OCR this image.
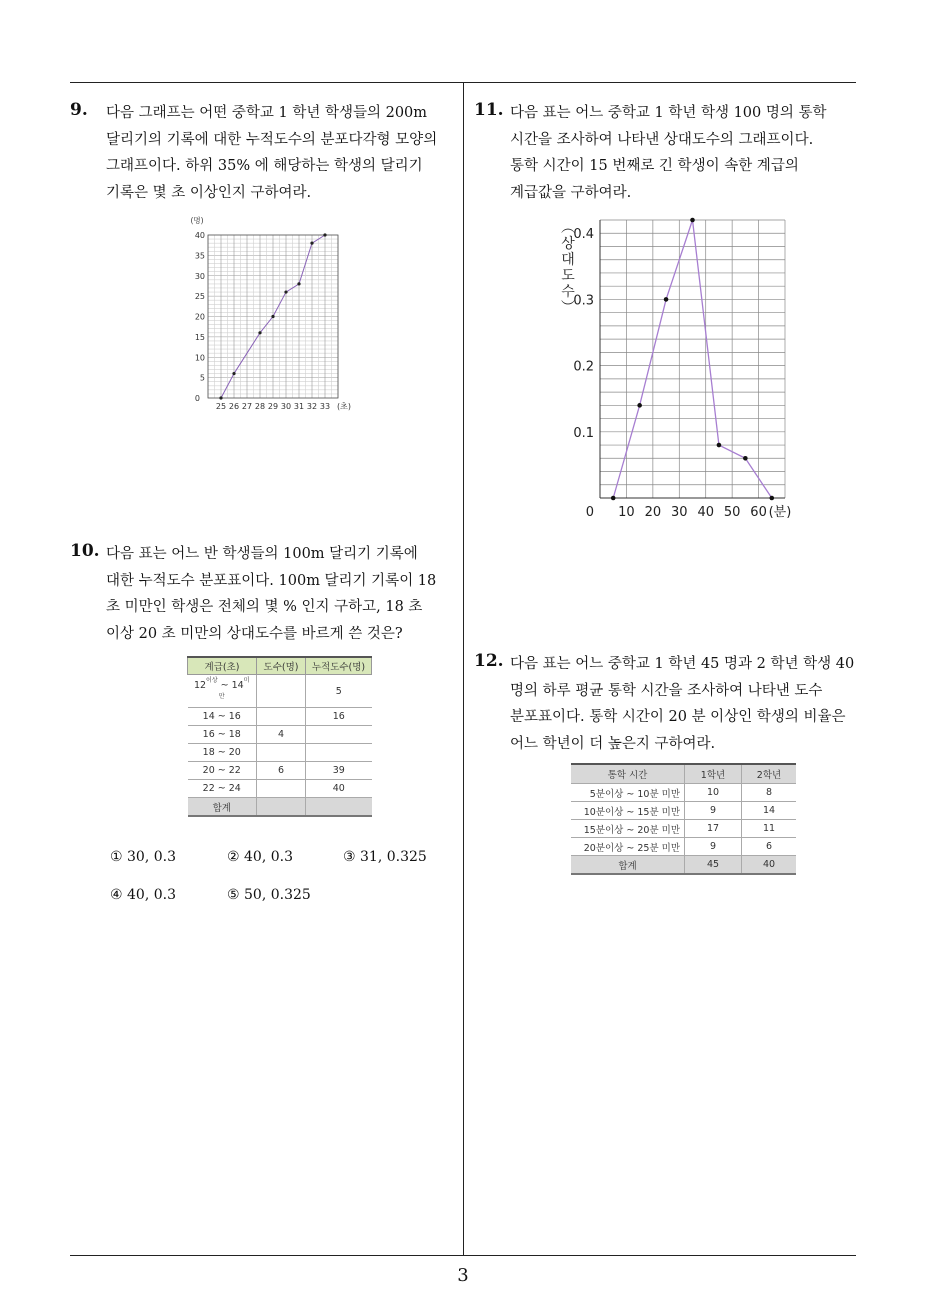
3
9. 다음 그래프는 어떤 중학교 1 학년 학생들의 200m
달리기의 기록에 대한 누적도수의 분포다각형 모양의
그래프이다. 하위 35% 에 해당하는 학생의 달리기
기록은 몇 초 이상인지 구하여라.
0
5
10
15
20
25
30
35
40
(명)
25 26 27 28 29 30 31 32 33 (초)
10. 다음 표는 어느 반 학생들의 100m 달리기 기록에
대한 누적도수 분포표이다. 100m 달리기 기록이 18
초 미만인 학생은 전체의 몇 % 인지 구하고, 18 초
이상 20 초 미만의 상대도수를 바르게 쓴 것은?
계급(초)	도수(명)	누적도수(명)
$12^{이상}$ ~ $14^{미만}$		5
14 ~ 16		16
16 ~ 18	4	
18 ~ 20		
20 ~ 22	6	39
22 ~ 24		40
합계		
① 30, 0.3	② 40, 0.3	③ 31, 0.325
④ 40, 0.3	⑤ 50, 0.325
11. 다음 표는 어느 중학교 1 학년 학생 100 명의 통학
시간을 조사하여 나타낸 상대도수의 그래프이다.
통학 시간이 15 번째로 긴 학생이 속한 계급의
계급값을 구하여라.
0.1
0.2
0.3
0.4
0 10 20 30 40 50 60 (분)
︵ 상 대 도 수 ︶
12. 다음 표는 어느 중학교 1 학년 45 명과 2 학년 학생 40
명의 하루 평균 통학 시간을 조사하여 나타낸 도수
분포표이다. 통학 시간이 20 분 이상인 학생의 비율은
어느 학년이 더 높은지 구하여라.
통학 시간	1학년	2학년
5분이상 ~ 10분 미만	10	8
10분이상 ~ 15분 미만	9	14
15분이상 ~ 20분 미만	17	11
20분이상 ~ 25분 미만	9	6
합계	45	40
